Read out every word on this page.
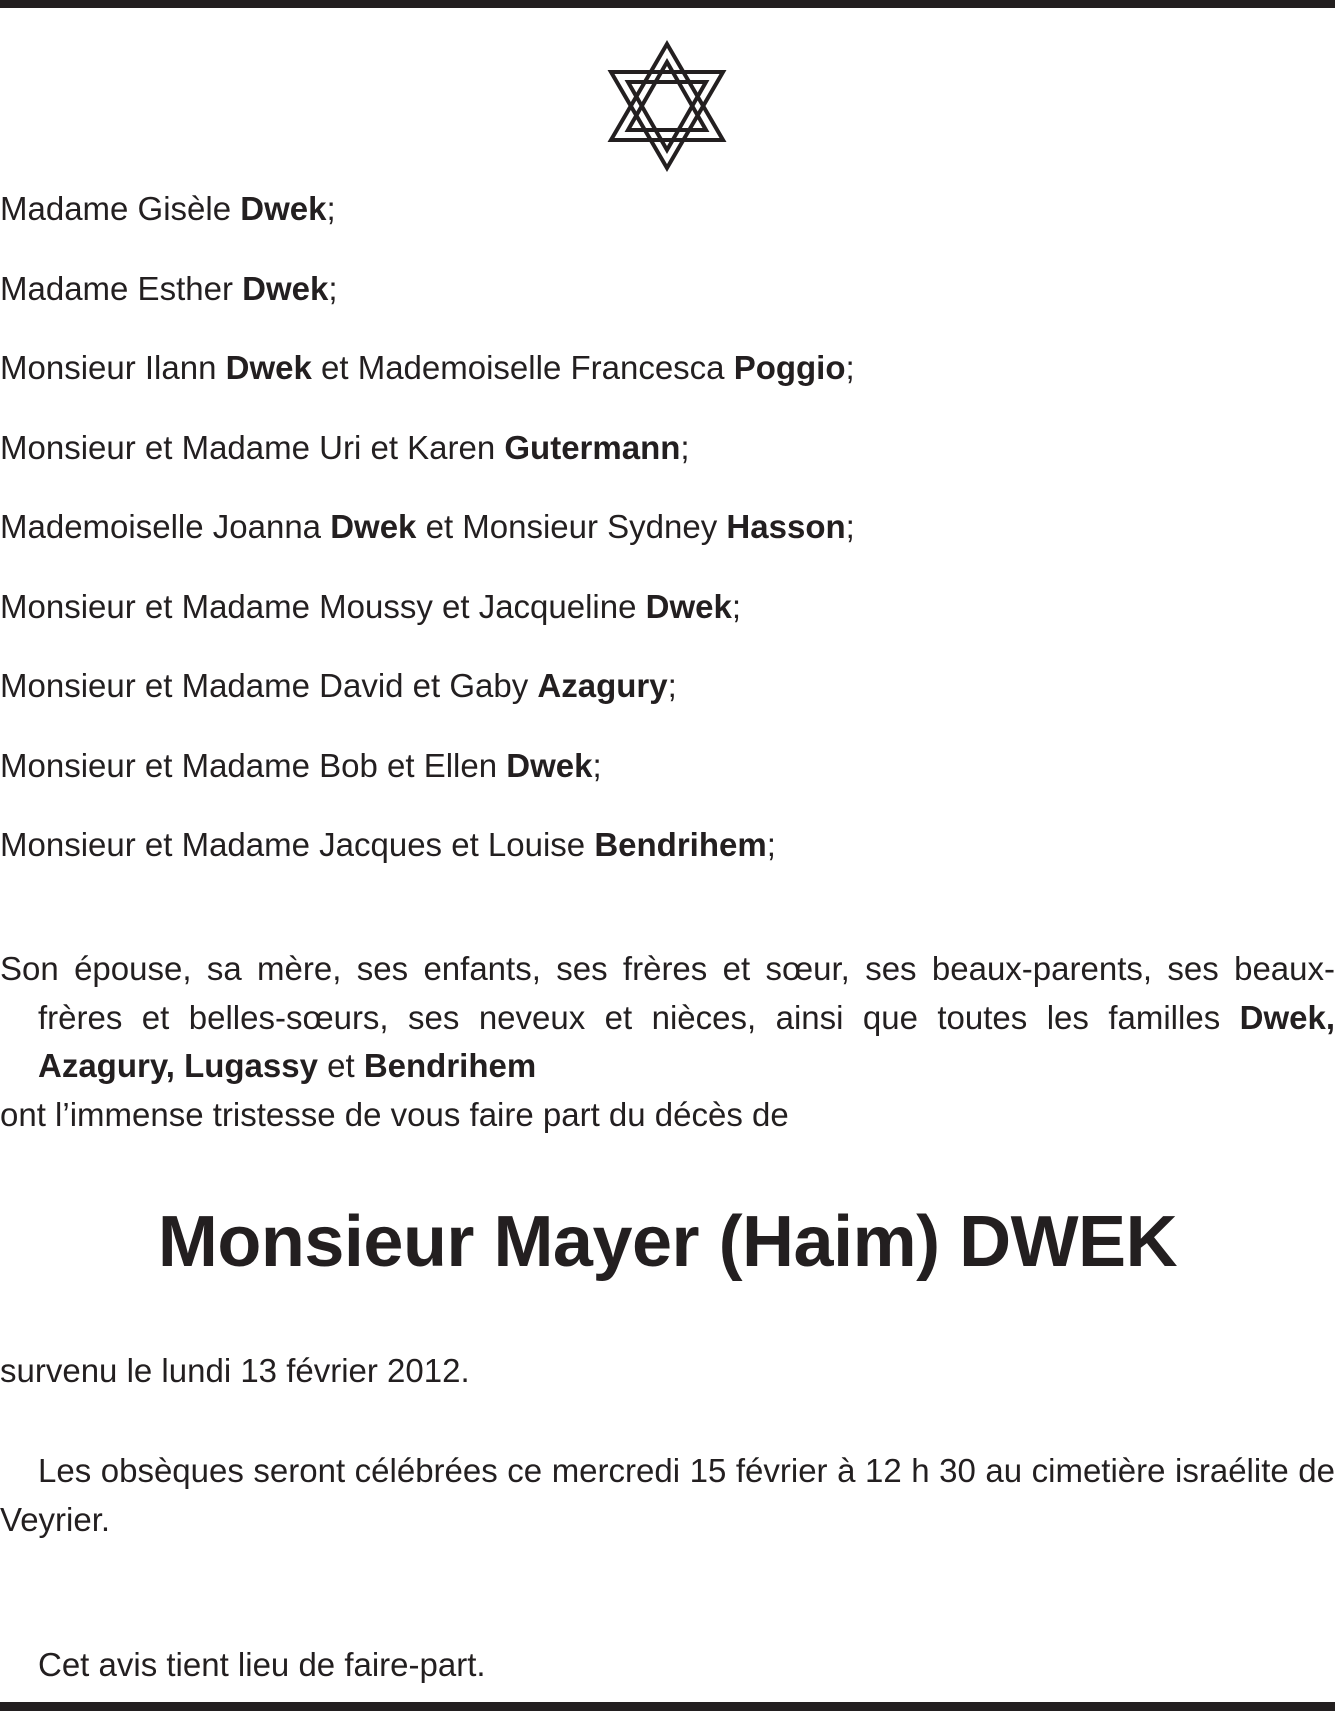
Madame Gisèle Dwek;
Madame Esther Dwek;
Monsieur Ilann Dwek et Mademoiselle Francesca Poggio;
Monsieur et Madame Uri et Karen Gutermann;
Mademoiselle Joanna Dwek et Monsieur Sydney Hasson;
Monsieur et Madame Moussy et Jacqueline Dwek;
Monsieur et Madame David et Gaby Azagury;
Monsieur et Madame Bob et Ellen Dwek;
Monsieur et Madame Jacques et Louise Bendrihem;
Son épouse, sa mère, ses enfants, ses frères et sœur, ses beaux-parents, ses beaux-frères et belles-sœurs, ses neveux et nièces, ainsi que toutes les familles Dwek, Azagury, Lugassy et Bendrihem
ont l’immense tristesse de vous faire part du décès de
Monsieur Mayer (Haim) DWEK
survenu le lundi 13 février 2012.
Les obsèques seront célébrées ce mercredi 15 février à 12 h 30 au cimetière israélite de Veyrier.
Cet avis tient lieu de faire-part.
